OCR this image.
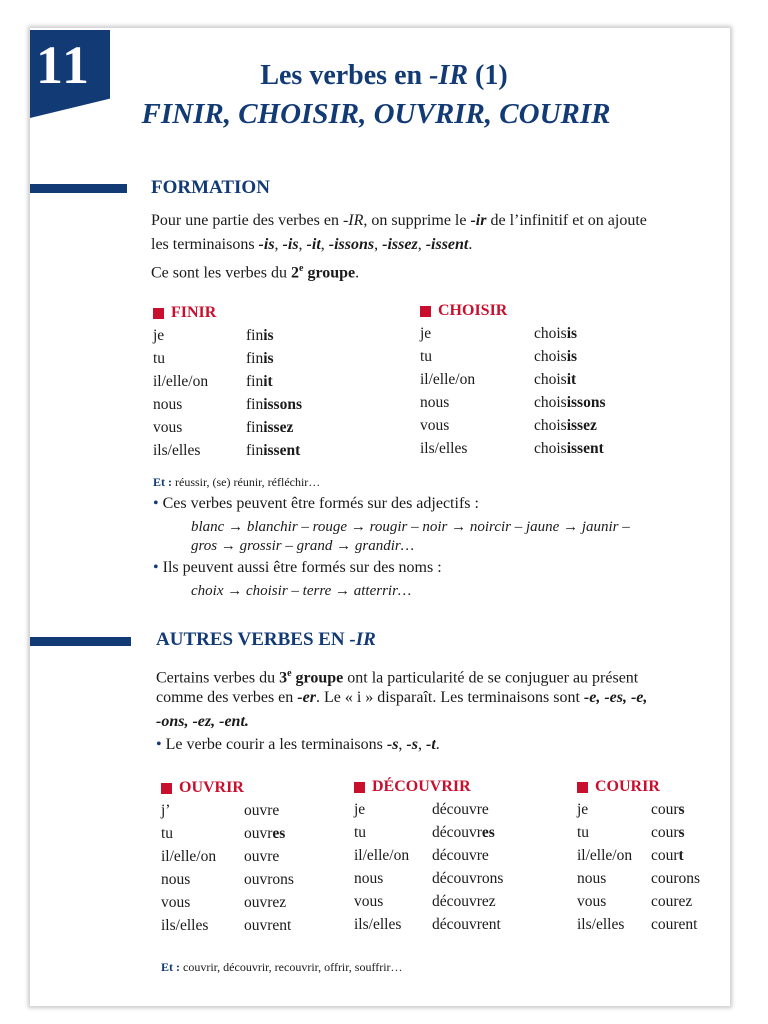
11	Les verbes en -IR (1)
FINIR, CHOISIR, OUVRIR, COURIR
FORMATION
Pour une partie des verbes en -IR, on supprime le -ir de l’infinitif et on ajoute
les terminaisons -is, -is, -it, -issons, -issez, -issent.
Ce sont les verbes du 2e groupe.
FINIR
je	fin is
tu	fin is
il/elle/on	fin it
nous	fin issons
vous	fin issez
ils/elles	fin issent
CHOISIR
je	chois is
tu	chois is
il/elle/on	chois it
nous	chois issons
vous	chois issez
ils/elles	chois issent
Et : réussir, (se) réunir, réfléchir…
• Ces verbes peuvent être formés sur des adjectifs :
blanc → blanchir – rouge → rougir – noir → noircir – jaune → jaunir –
gros → grossir – grand → grandir…
• Ils peuvent aussi être formés sur des noms :
choix → choisir – terre → atterrir…
AUTRES VERBES EN -IR
Certains verbes du 3e groupe ont la particularité de se conjuguer au présent
comme des verbes en -er. Le « i » disparaît. Les terminaisons sont -e, -es, -e,
-ons, -ez, -ent.
• Le verbe courir a les terminaisons -s, -s, -t.
OUVRIR
j’	ouvr e
tu	ouvr es
il/elle/on	ouvr e
nous	ouvr ons
vous	ouvr ez
ils/elles	ouvr ent
DÉCOUVRIR
je	découvr e
tu	découvr es
il/elle/on	découvr e
nous	découvr ons
vous	découvr ez
ils/elles	découvr ent
COURIR
je	cour s
tu	cour s
il/elle/on	cour t
nous	cour ons
vous	cour ez
ils/elles	cour ent
Et : couvrir, découvrir, recouvrir, offrir, souffrir…
